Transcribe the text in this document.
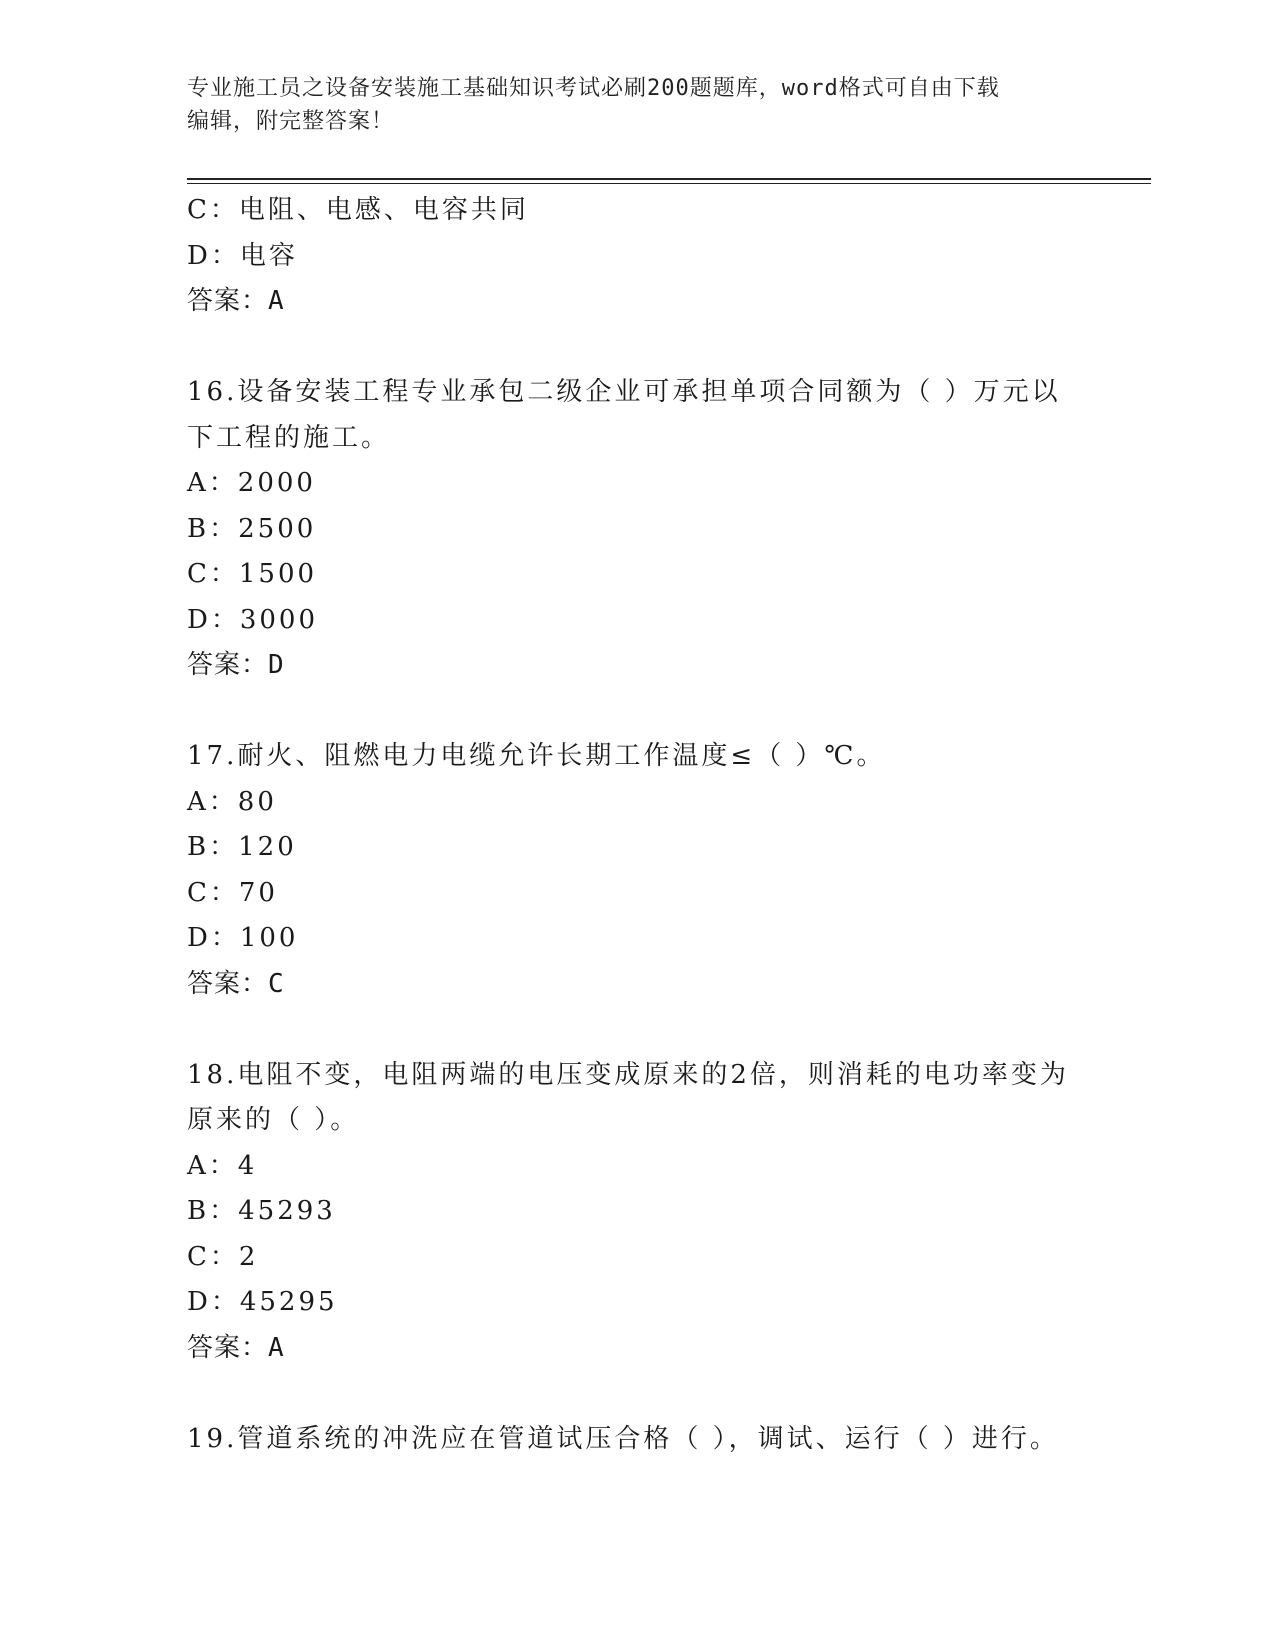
专业施工员之设备安装施工基础知识考试必刷200题题库，word格式可自由下载
编辑，附完整答案！
C：电阻、电感、电容共同
D：电容
答案：A
16.设备安装工程专业承包二级企业可承担单项合同额为（ ）万元以
下工程的施工。
A：2000
B：2500
C：1500
D：3000
答案：D
17.耐火、阻燃电力电缆允许长期工作温度≤（ ）℃。
A：80
B：120
C：70
D：100
答案：C
18.电阻不变，电阻两端的电压变成原来的2倍，则消耗的电功率变为
原来的（ ）。
A：4
B：45293
C：2
D：45295
答案：A
19.管道系统的冲洗应在管道试压合格（ ），调试、运行（ ）进行。
